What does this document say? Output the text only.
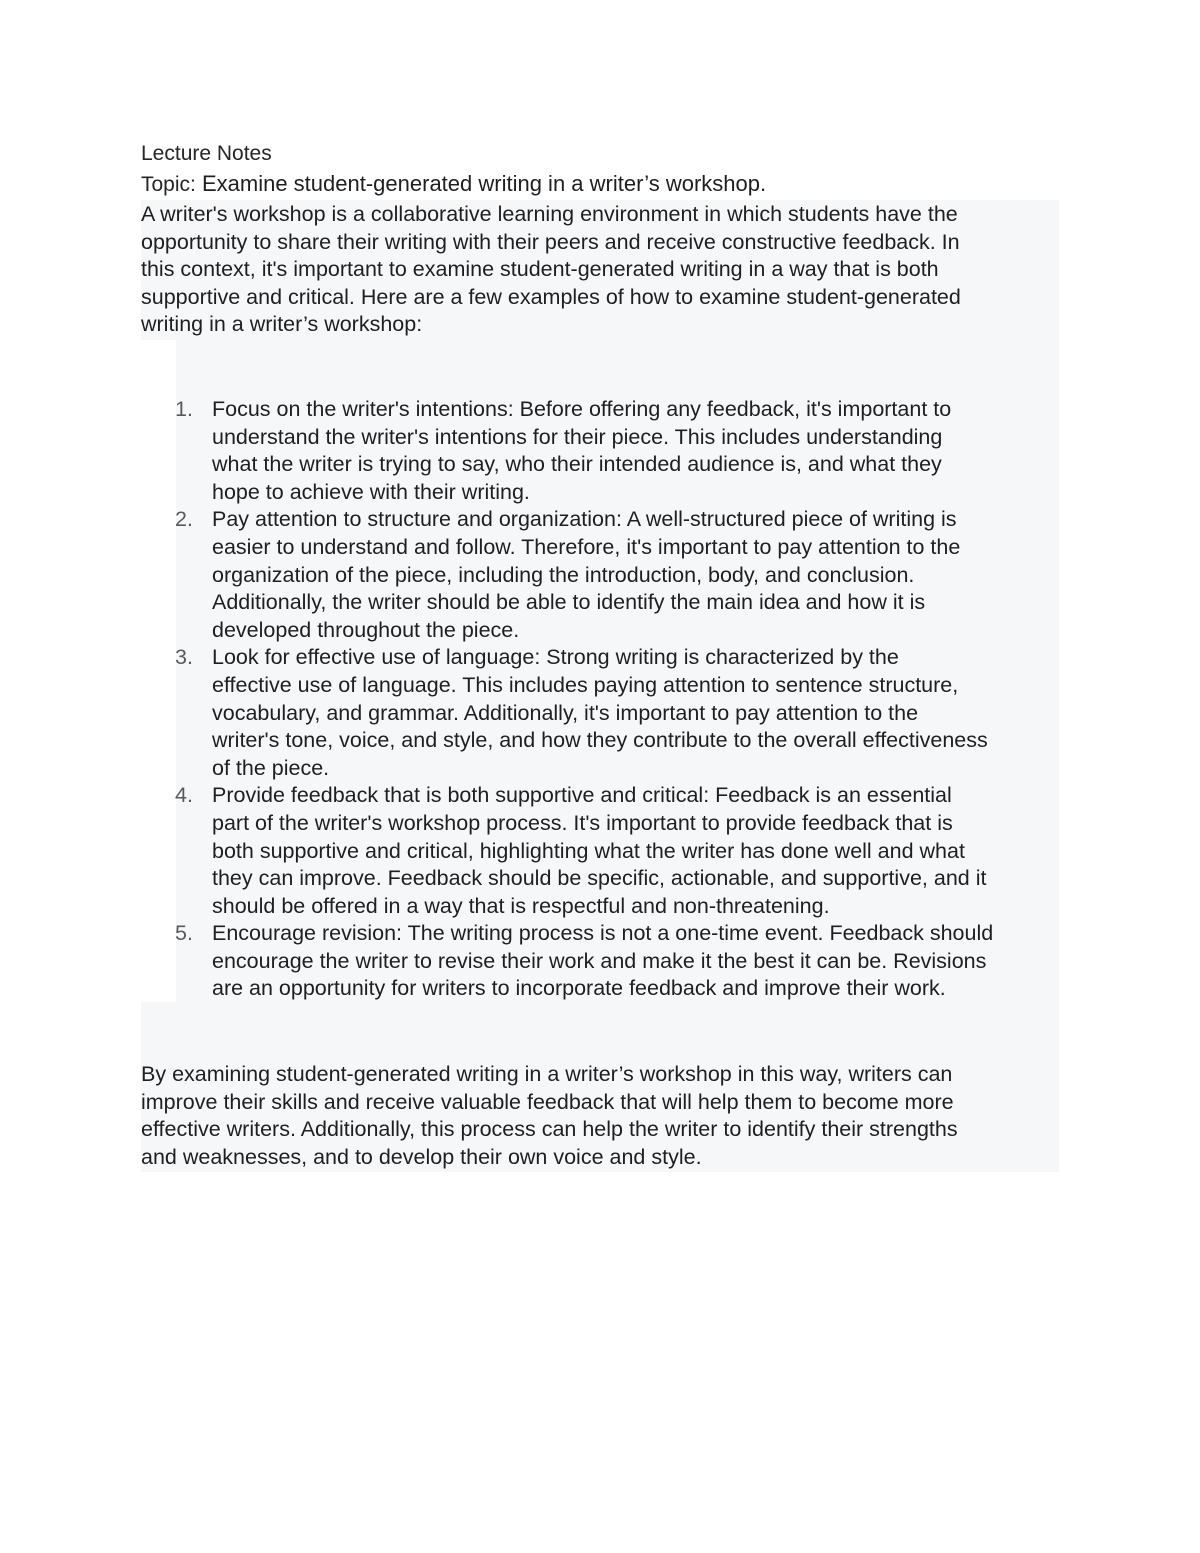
Lecture Notes
Topic: Examine student-generated writing in a writer’s workshop.

A writer's workshop is a collaborative learning environment in which students have the
opportunity to share their writing with their peers and receive constructive feedback. In
this context, it's important to examine student-generated writing in a way that is both
supportive and critical. Here are a few examples of how to examine student-generated
writing in a writer’s workshop:

1. Focus on the writer's intentions: Before offering any feedback, it's important to
understand the writer's intentions for their piece. This includes understanding
what the writer is trying to say, who their intended audience is, and what they
hope to achieve with their writing.
2. Pay attention to structure and organization: A well-structured piece of writing is
easier to understand and follow. Therefore, it's important to pay attention to the
organization of the piece, including the introduction, body, and conclusion.
Additionally, the writer should be able to identify the main idea and how it is
developed throughout the piece.
3. Look for effective use of language: Strong writing is characterized by the
effective use of language. This includes paying attention to sentence structure,
vocabulary, and grammar. Additionally, it's important to pay attention to the
writer's tone, voice, and style, and how they contribute to the overall effectiveness
of the piece.
4. Provide feedback that is both supportive and critical: Feedback is an essential
part of the writer's workshop process. It's important to provide feedback that is
both supportive and critical, highlighting what the writer has done well and what
they can improve. Feedback should be specific, actionable, and supportive, and it
should be offered in a way that is respectful and non-threatening.
5. Encourage revision: The writing process is not a one-time event. Feedback should
encourage the writer to revise their work and make it the best it can be. Revisions
are an opportunity for writers to incorporate feedback and improve their work.

By examining student-generated writing in a writer’s workshop in this way, writers can
improve their skills and receive valuable feedback that will help them to become more
effective writers. Additionally, this process can help the writer to identify their strengths
and weaknesses, and to develop their own voice and style.
